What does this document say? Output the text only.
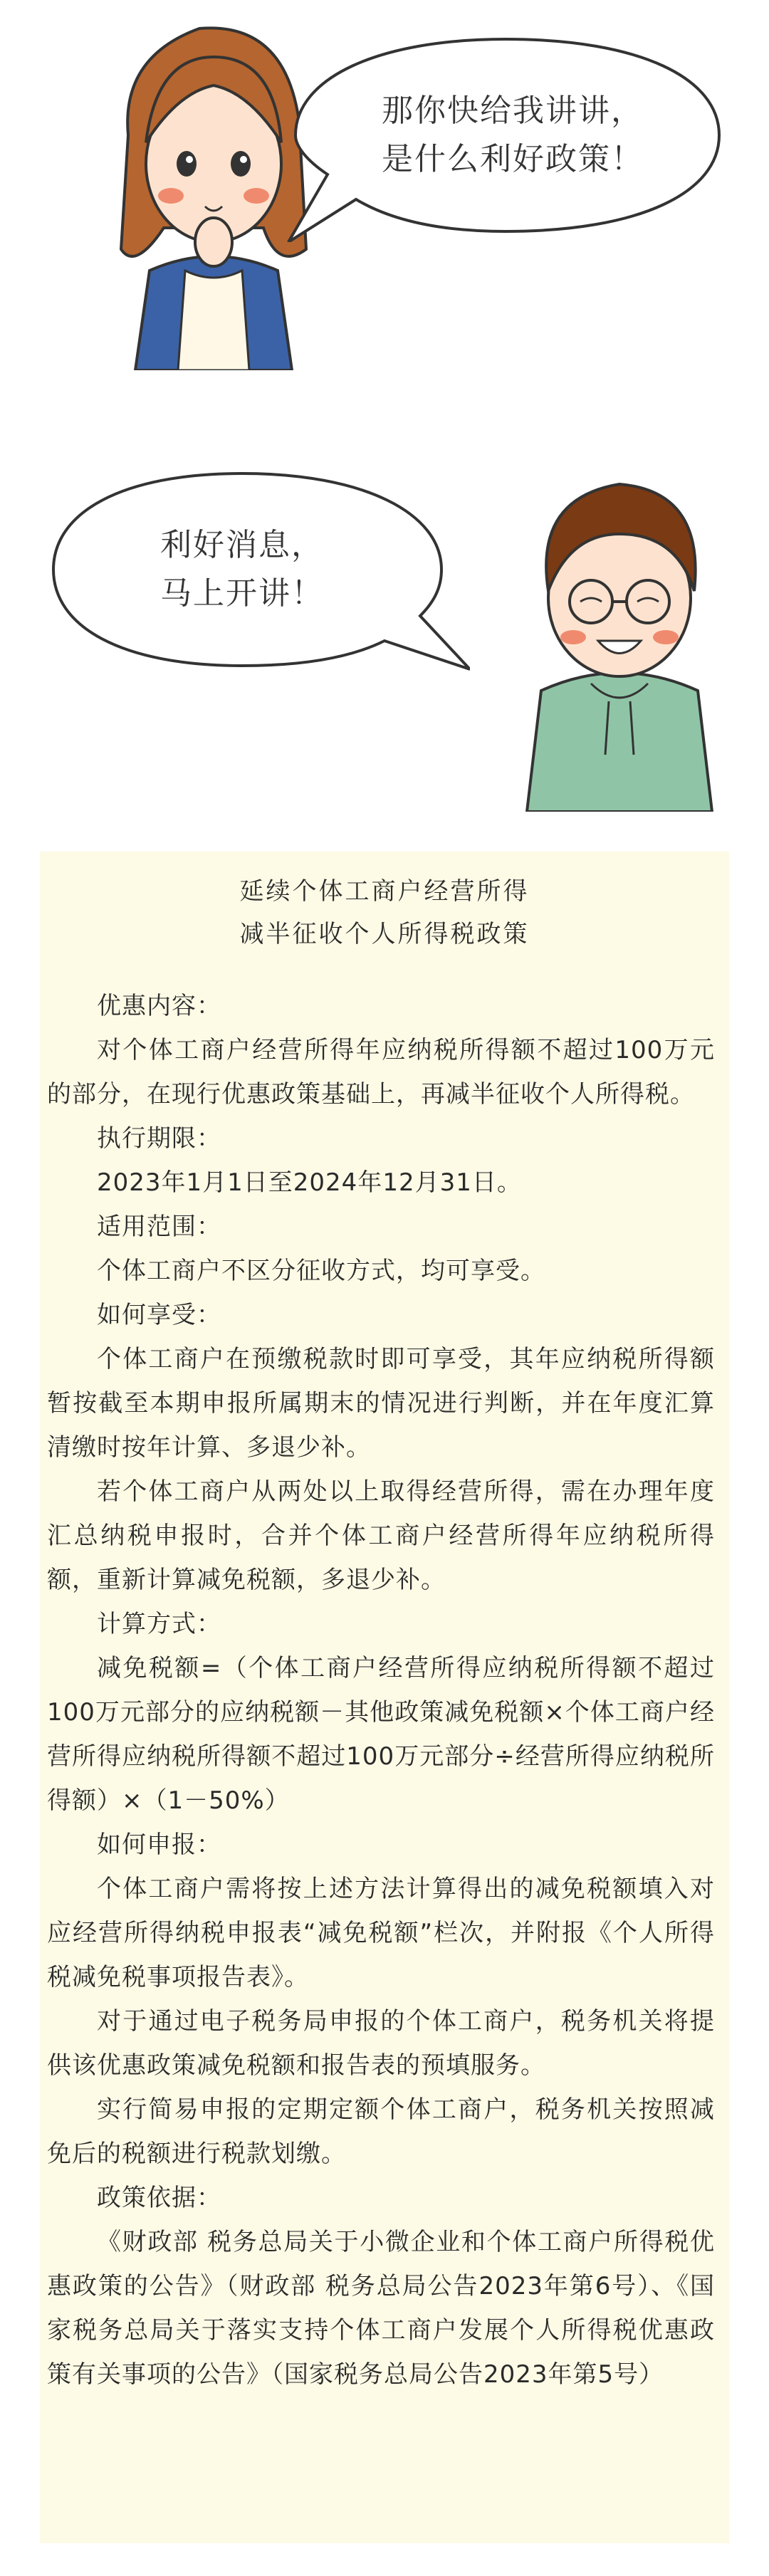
那你快给我讲讲，
是什么利好政策！
利好消息，
马上开讲！
延续个体工商户经营所得
减半征收个人所得税政策
优惠内容：
对个体工商户经营所得年应纳税所得额不超过100万元的部分，在现行优惠政策基础上，再减半征收个人所得税。
执行期限：
2023年1月1日至2024年12月31日。
适用范围：
个体工商户不区分征收方式，均可享受。
如何享受：
个体工商户在预缴税款时即可享受，其年应纳税所得额暂按截至本期申报所属期末的情况进行判断，并在年度汇算清缴时按年计算、多退少补。
若个体工商户从两处以上取得经营所得，需在办理年度汇总纳税申报时，合并个体工商户经营所得年应纳税所得额，重新计算减免税额，多退少补。
计算方式：
减免税额=（个体工商户经营所得应纳税所得额不超过100万元部分的应纳税额－其他政策减免税额×个体工商户经营所得应纳税所得额不超过100万元部分÷经营所得应纳税所得额）×（1－50%）
如何申报：
个体工商户需将按上述方法计算得出的减免税额填入对应经营所得纳税申报表“减免税额”栏次，并附报《个人所得税减免税事项报告表》。
对于通过电子税务局申报的个体工商户，税务机关将提供该优惠政策减免税额和报告表的预填服务。
实行简易申报的定期定额个体工商户，税务机关按照减免后的税额进行税款划缴。
政策依据：
《财政部 税务总局关于小微企业和个体工商户所得税优惠政策的公告》（财政部 税务总局公告2023年第6号）、《国家税务总局关于落实支持个体工商户发展个人所得税优惠政策有关事项的公告》（国家税务总局公告2023年第5号）
